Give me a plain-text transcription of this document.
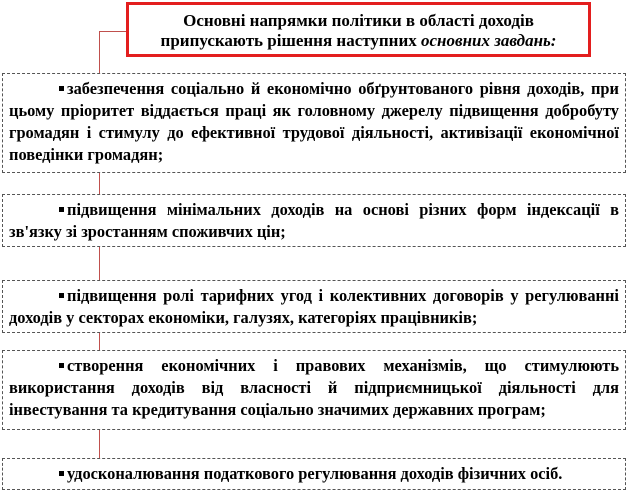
Основні напрямки політики в області доходів
припускають рішення наступних основних завдань:
забезпечення соціально й економічно обґрунтованого рівня доходів, при цьому пріоритет віддається праці як головному джерелу підвищення добробуту громадян і стимулу до ефективної трудової діяльності, активізації економічної поведінки громадян;
підвищення мінімальних доходів на основі різних форм індексації в зв'язку зі зростанням споживчих цін;
підвищення ролі тарифних угод і колективних договорів у регулюванні доходів у секторах економіки, галузях, категоріях працівників;
створення економічних і правових механізмів, що стимулюють використання доходів від власності й підприємницької діяльності для інвестування та кредитування соціально значимих державних програм;
удосконалювання податкового регулювання доходів фізичних осіб.
